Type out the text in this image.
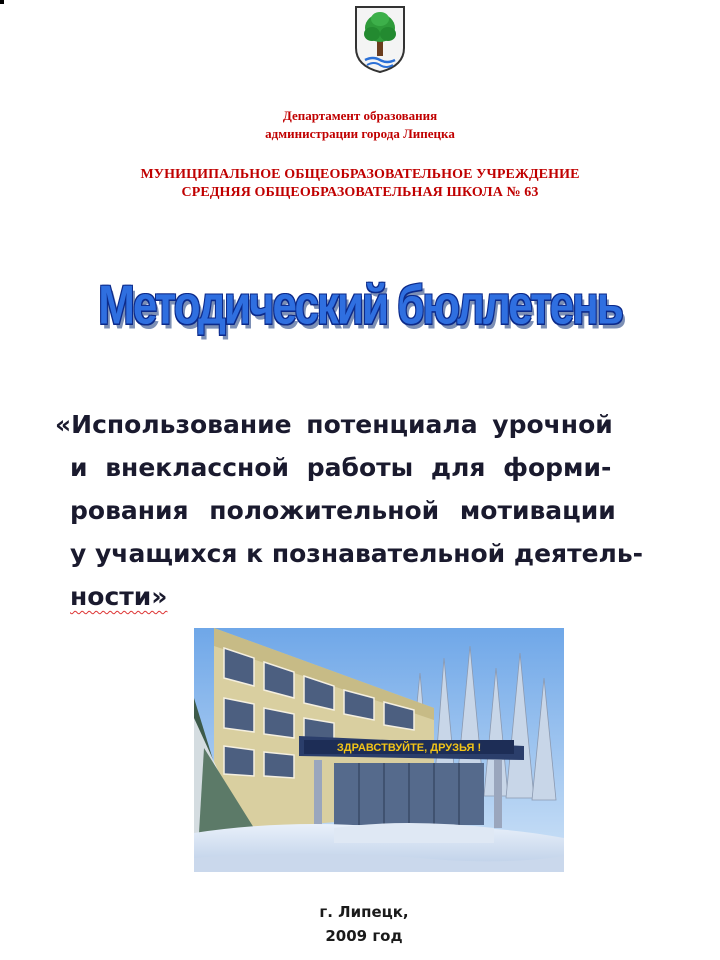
Департамент образования
администрации города Липецка
МУНИЦИПАЛЬНОЕ ОБЩЕОБРАЗОВАТЕЛЬНОЕ УЧРЕЖДЕНИЕ
СРЕДНЯЯ ОБЩЕОБРАЗОВАТЕЛЬНАЯ ШКОЛА № 63
Методический бюллетень
«Использование потенциала урочной
и внеклассной работы для форми-
рования положительной мотивации
у учащихся к познавательной деятель-
ности»
ЗДРАВСТВУЙТЕ, ДРУЗЬЯ !
г. Липецк,
2009 год
